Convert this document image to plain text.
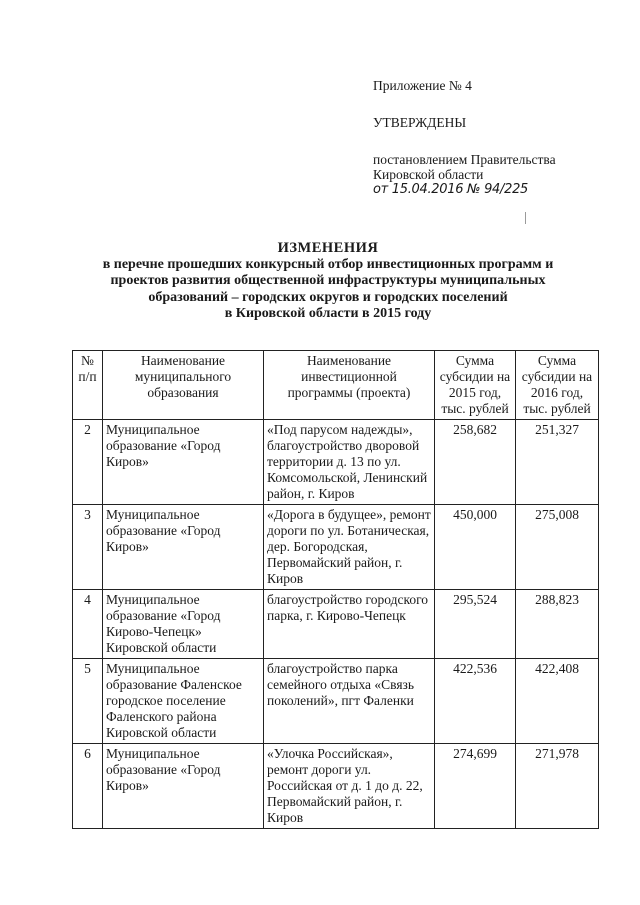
Приложение № 4
УТВЕРЖДЕНЫ
постановлением Правительства
Кировской области
от 15.04.2016 № 94/225
ИЗМЕНЕНИЯ
в перечне прошедших конкурсный отбор инвестиционных программ и
проектов развития общественной инфраструктуры муниципальных
образований – городских округов и городских поселений
в Кировской области в 2015 году
№ п/п	Наименование муниципального образования	Наименование инвестиционной программы (проекта)	Сумма субсидии на 2015 год, тыс. рублей	Сумма субсидии на 2016 год, тыс. рублей
2	Муниципальное образование «Город Киров»	«Под парусом надежды», благоустройство дворовой территории д. 13 по ул. Комсомольской, Ленинский район, г. Киров	258,682	251,327
3	Муниципальное образование «Город Киров»	«Дорога в будущее», ремонт дороги по ул. Ботаническая, дер. Богородская, Первомайский район, г. Киров	450,000	275,008
4	Муниципальное образование «Город Кирово-Чепецк» Кировской области	благоустройство городского парка, г. Кирово-Чепецк	295,524	288,823
5	Муниципальное образование Фаленское городское поселение Фаленского района Кировской области	благоустройство парка семейного отдыха «Связь поколений», пгт Фаленки	422,536	422,408
6	Муниципальное образование «Город Киров»	«Улочка Российская», ремонт дороги ул. Российская от д. 1 до д. 22, Первомайский район, г. Киров	274,699	271,978
